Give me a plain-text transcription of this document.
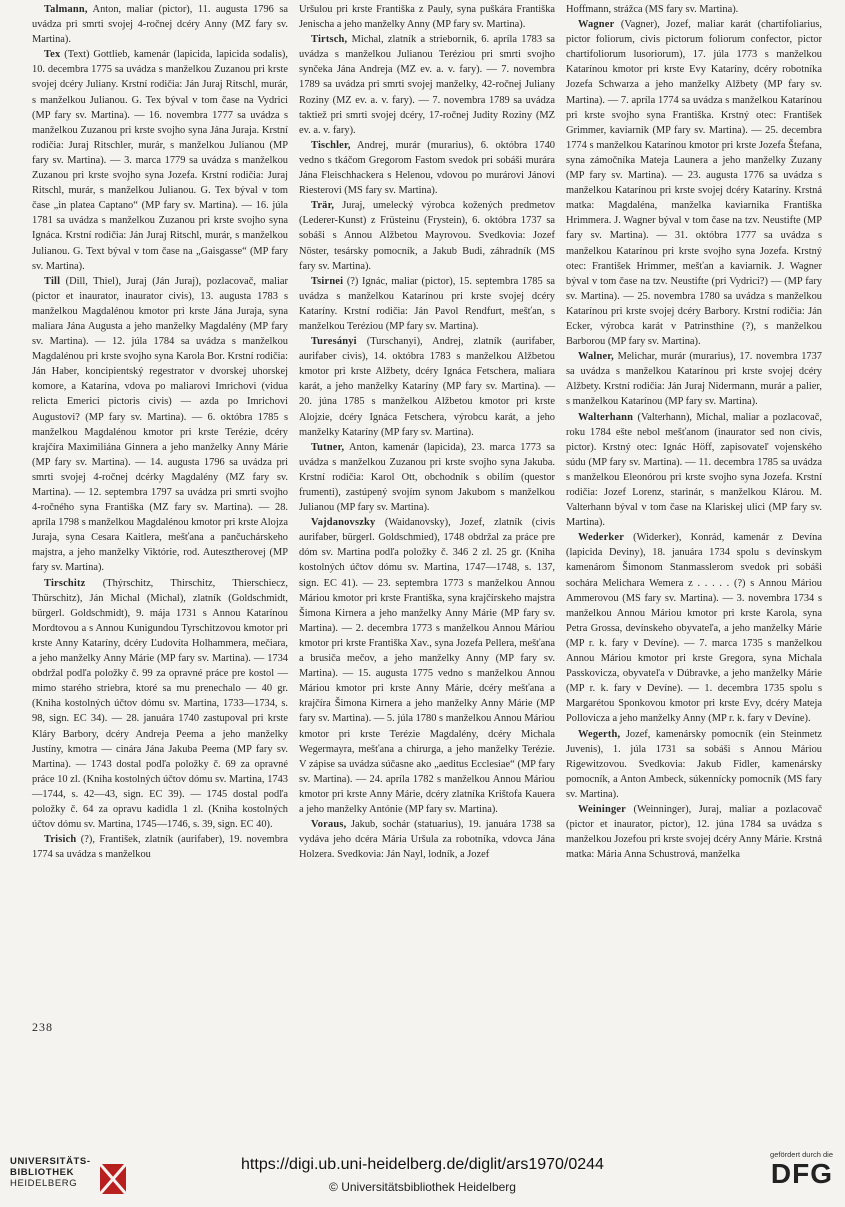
Talmann, Anton, maliar (pictor), 11. augusta 1796 sa uvádza pri smrti svojej 4-ročnej dcéry Anny (MZ fary sv. Martina).

Tex (Text) Gottlieb, kamenár (lapicida, lapicida sodalis), 10. decembra 1775 sa uvádza s manželkou Zuzanou pri krste svojej dcéry Juliany. Krstní rodičia: Ján Juraj Ritschl, murár, s manželkou Julianou. G. Tex býval v tom čase na Vydrici (MP fary sv. Martina). — 16. novembra 1777 sa uvádza s manželkou Zuzanou pri krste svojho syna Jána Juraja. Krstní rodičia: Juraj Ritschler, murár, s manželkou Julianou (MP fary sv. Martina). — 3. marca 1779 sa uvádza s manželkou Zuzanou pri krste svojho syna Jozefa. Krstní rodičia: Juraj Ritschl, murár, s manželkou Julianou. G. Tex býval v tom čase „in platea Captano“ (MP fary sv. Martina). — 16. júla 1781 sa uvádza s manželkou Zuzanou pri krste svojho syna Ignáca. Krstní rodičia: Ján Juraj Ritschl, murár, s manželkou Julianou. G. Text býval v tom čase na „Gaisgasse“ (MP fary sv. Martina).

Till (Dill, Thiel), Juraj (Ján Juraj), pozlacovač, maliar (pictor et inaurator, inaurator civis), 13. augusta 1783 s manželkou Magdalénou kmotor pri krste Jána Juraja, syna maliara Jána Augusta a jeho manželky Magdalény (MP fary sv. Martina). — 12. júla 1784 sa uvádza s manželkou Magdalénou pri krste svojho syna Karola Bor. Krstní rodičia: Ján Haber, koncipientský regestrator v dvorskej uhorskej komore, a Katarína, vdova po maliarovi Imrichovi (vidua relicta Emerici pictoris civis) — azda po Imrichovi Augustovi? (MP fary sv. Martina). — 6. októbra 1785 s manželkou Magdalénou kmotor pri krste Terézie, dcéry krajčíra Maximiliána Ginnera a jeho manželky Anny Márie (MP fary sv. Martina). — 14. augusta 1796 sa uvádza pri smrti svojej 4-ročnej dcérky Magdalény (MZ fary sv. Martina). — 12. septembra 1797 sa uvádza pri smrti svojho 4-ročného syna Františka (MZ fary sv. Martina). — 28. apríla 1798 s manželkou Magdalénou kmotor pri krste Alojza Juraja, syna Cesara Kaitlera, mešťana a pančuchárskeho majstra, a jeho manželky Viktórie, rod. Autesztherovej (MP fary sv. Martina).

Tirschitz (Thýrschitz, Thirschitz, Thierschiecz, Thürschitz), Ján Michal (Michal), zlatník (Goldschmidt, bürgerl. Goldschmidt), 9. mája 1731 s Annou Katarínou Mordtovou a s Annou Kunigundou Tyrschitzovou kmotor pri krste Anny Kataríny, dcéry Ľudovíta Holhammera, mečiara, a jeho manželky Anny Márie (MP fary sv. Martina). — 1734 obdržal podľa položky č. 99 za opravné práce pre kostol — mimo starého striebra, ktoré sa mu prenechalo — 40 gr. (Kniha kostolných účtov dómu sv. Martina, 1733—1734, s. 98, sign. EC 34). — 28. januára 1740 zastupoval pri krste Kláry Barbory, dcéry Andreja Peema a jeho manželky Justíny, kmotra — cinára Jána Jakuba Peema (MP fary sv. Martina). — 1743 dostal podľa položky č. 69 za opravné práce 10 zl. (Kniha kostolných účtov dómu sv. Martina, 1743—1744, s. 42—43, sign. EC 39). — 1745 dostal podľa položky č. 64 za opravu kadidla 1 zl. (Kniha kostolných účtov dómu sv. Martina, 1745—1746, s. 39, sign. EC 40).

Trisich (?), František, zlatník (aurifaber), 19. novembra 1774 sa uvádza s manželkou

Uršulou pri krste Františka z Pauly, syna puškára Františka Jenischa a jeho manželky Anny (MP fary sv. Martina).

Tirtsch, Michal, zlatník a striebornik, 6. apríla 1783 sa uvádza s manželkou Julianou Teréziou pri smrti svojho synčeka Jána Andreja (MZ ev. a. v. fary). — 7. novembra 1789 sa uvádza pri smrti svojej manželky, 42-ročnej Juliany Roziny (MZ ev. a. v. fary). — 7. novembra 1789 sa uvádza taktiež pri smrti svojej dcéry, 17-ročnej Judity Roziny (MZ ev. a. v. fary).

Tischler, Andrej, murár (murarius), 6. októbra 1740 vedno s tkáčom Gregorom Fastom svedok pri sobáši murára Jána Fleischhackera s Helenou, vdovou po murárovi Jánovi Riesterovi (MS fary sv. Martina).

Trär, Juraj, umelecký výrobca kožených predmetov (Lederer-Kunst) z Früsteinu (Frystein), 6. októbra 1737 sa sobáši s Annou Alžbetou Mayrovou. Svedkovia: Jozef Nöster, tesársky pomocník, a Jakub Budi, záhradník (MS fary sv. Martina).

Tsirnei (?) Ignác, maliar (pictor), 15. septembra 1785 sa uvádza s manželkou Katarínou pri krste svojej dcéry Kataríny. Krstní rodičia: Ján Pavol Rendfurt, mešťan, s manželkou Teréziou (MP fary sv. Martina).

Turesányi (Turschanyi), Andrej, zlatník (aurifaber, aurifaber civis), 14. októbra 1783 s manželkou Alžbetou kmotor pri krste Alžbety, dcéry Ignáca Fetschera, maliara karát, a jeho manželky Kataríny (MP fary sv. Martina). — 20. júna 1785 s manželkou Alžbetou kmotor pri krste Alojzie, dcéry Ignáca Fetschera, výrobcu karát, a jeho manželky Kataríny (MP fary sv. Martina).

Tutner, Anton, kamenár (lapicida), 23. marca 1773 sa uvádza s manželkou Zuzanou pri krste svojho syna Jakuba. Krstní rodičia: Karol Ott, obchodník s obilím (questor frumenti), zastúpený svojím synom Jakubom s manželkou Julianou (MP fary sv. Martina).

Vajdanovszky (Waidanovsky), Jozef, zlatník (civis aurifaber, bürgerl. Goldschmied), 1748 obdržal za práce pre dóm sv. Martina podľa položky č. 346 2 zl. 25 gr. (Kniha kostolných účtov dómu sv. Martina, 1747—1748, s. 137, sign. EC 41). — 23. septembra 1773 s manželkou Annou Máriou kmotor pri krste Františka, syna krajčírskeho majstra Šimona Kirnera a jeho manželky Anny Márie (MP fary sv. Martina). — 2. decembra 1773 s manželkou Annou Máriou kmotor pri krste Františka Xav., syna Jozefa Pellera, mešťana a brusiča mečov, a jeho manželky Anny (MP fary sv. Martina). — 15. augusta 1775 vedno s manželkou Annou Máriou kmotor pri krste Anny Márie, dcéry mešťana a krajčíra Šimona Kirnera a jeho manželky Anny Márie (MP fary sv. Martina). — 5. júla 1780 s manželkou Annou Máriou kmotor pri krste Terézie Magdalény, dcéry Michala Wegermayra, mešťana a chirurga, a jeho manželky Terézie. V zápise sa uvádza súčasne ako „aeditus Ecclesiae“ (MP fary sv. Martina). — 24. apríla 1782 s manželkou Annou Máriou kmotor pri krste Anny Márie, dcéry zlatníka Krištofa Kauera a jeho manželky Antónie (MP fary sv. Martina).

Voraus, Jakub, sochár (statuarius), 19. januára 1738 sa vydáva jeho dcéra Mária Uršula za robotníka, vdovca Jána Holzera. Svedkovia: Ján Nayl, lodník, a Jozef

Hoffmann, strážca (MS fary sv. Martina).

Wagner (Vagner), Jozef, maliar karát (chartifoliarius, pictor foliorum, civis pictorum foliorum confector, pictor chartifoliorum lusoriorum), 17. júla 1773 s manželkou Katarínou kmotor pri krste Evy Kataríny, dcéry robotníka Jozefa Schwarza a jeho manželky Alžbety (MP fary sv. Martina). — 7. apríla 1774 sa uvádza s manželkou Katarínou pri krste svojho syna Františka. Krstný otec: František Grimmer, kaviarnik (MP fary sv. Martina). — 25. decembra 1774 s manželkou Katarínou kmotor pri krste Jozefa Štefana, syna zámočníka Mateja Launera a jeho manželky Zuzany (MP fary sv. Martina). — 23. augusta 1776 sa uvádza s manželkou Katarínou pri krste svojej dcéry Kataríny. Krstná matka: Magdaléna, manželka kaviarnika Františka Hrimmera. J. Wagner býval v tom čase na tzv. Neustifte (MP fary sv. Martina). — 31. októbra 1777 sa uvádza s manželkou Katarínou pri krste svojho syna Jozefa. Krstný otec: František Hrimmer, mešťan a kaviarnik. J. Wagner býval v tom čase na tzv. Neustifte (pri Vydrici?) — (MP fary sv. Martina). — 25. novembra 1780 sa uvádza s manželkou Katarínou pri krste svojej dcéry Barbory. Krstní rodičia: Ján Ecker, výrobca karát v Patrinsthine (?), s manželkou Barborou (MP fary sv. Martina).

Walner, Melichar, murár (murarius), 17. novembra 1737 sa uvádza s manželkou Katarínou pri krste svojej dcéry Alžbety. Krstní rodičia: Ján Juraj Nidermann, murár a palier, s manželkou Katarínou (MP fary sv. Martina).

Walterhann (Valterhann), Michal, maliar a pozlacovač, roku 1784 ešte nebol mešťanom (inaurator sed non civis, pictor). Krstný otec: Ignác Höff, zapisovateľ vojenského súdu (MP fary sv. Martina). — 11. decembra 1785 sa uvádza s manželkou Eleonórou pri krste svojho syna Jozefa. Krstní rodičia: Jozef Lorenz, starinár, s manželkou Klárou. M. Valterhann býval v tom čase na Klariskej ulici (MP fary sv. Martina).

Wederker (Widerker), Konrád, kamenár z Devína (lapicida Deviny), 18. januára 1734 spolu s devínskym kamenárom Šimonom Stanmasslerom svedok pri sobáši sochára Melichara Wemera z . . . . . (?) s Annou Máriou Ammerovou (MS fary sv. Martina). — 3. novembra 1734 s manželkou Annou Máriou kmotor pri krste Karola, syna Petra Grossa, devínskeho obyvateľa, a jeho manželky Márie (MP r. k. fary v Devíne). — 7. marca 1735 s manželkou Annou Máriou kmotor pri krste Gregora, syna Michala Passkovicza, obyvateľa v Dúbravke, a jeho manželky Márie (MP r. k. fary v Devíne). — 1. decembra 1735 spolu s Margarétou Sponkovou kmotor pri krste Evy, dcéry Mateja Pollovicza a jeho manželky Anny (MP r. k. fary v Devíne).

Wegerth, Jozef, kamenársky pomocník (ein Steinmetz Juvenis), 1. júla 1731 sa sobáši s Annou Máriou Rigewitzovou. Svedkovia: Jakub Fidler, kamenársky pomocník, a Anton Ambeck, súkennícky pomocník (MS fary sv. Martina).

Weininger (Weinninger), Juraj, maliar a pozlacovač (pictor et inaurator, pictor), 12. júna 1784 sa uvádza s manželkou Jozefou pri krste svojej dcéry Anny Márie. Krstná matka: Mária Anna Schustrová, manželka

238
UNIVERSITÄTS-
BIBLIOTHEK
HEIDELBERG
https://digi.ub.uni-heidelberg.de/diglit/ars1970/0244
© Universitätsbibliothek Heidelberg
gefördert durch die
DFG
